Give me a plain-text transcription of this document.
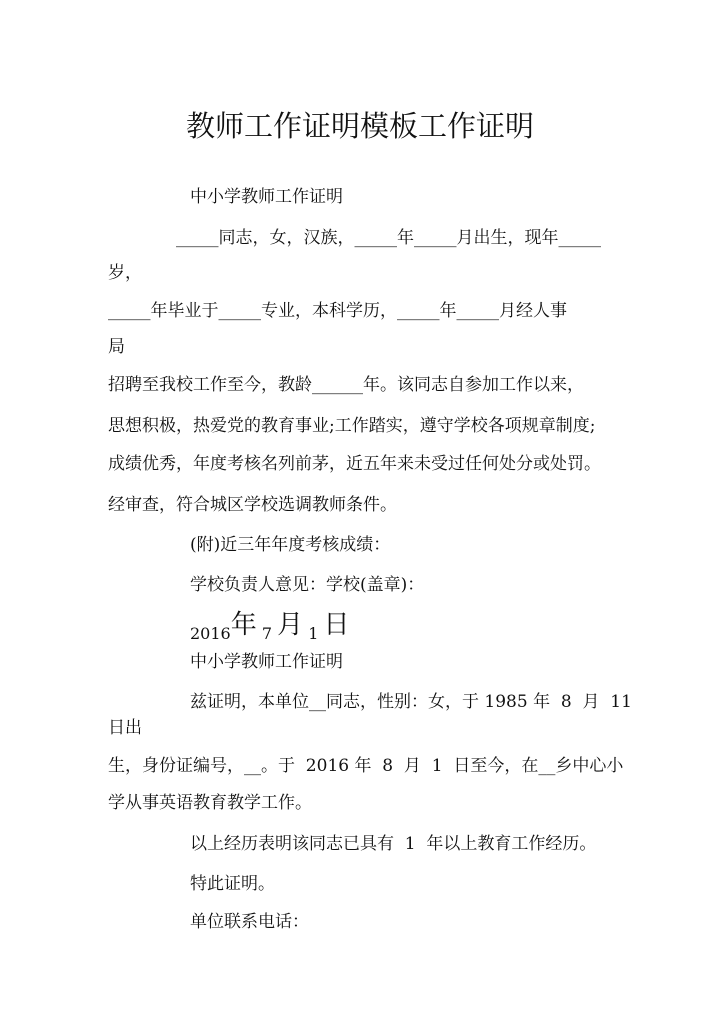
教师工作证明模板工作证明
中小学教师工作证明
_____同志，女，汉族，_____年_____月出生，现年_____
岁，
_____年毕业于_____专业，本科学历，_____年_____月经人事
局
招聘至我校工作至今，教龄______年。该同志自参加工作以来，
思想积极，热爱党的教育事业;工作踏实，遵守学校各项规章制度;
成绩优秀，年度考核名列前茅，近五年来未受过任何处分或处罚。
经审查，符合城区学校选调教师条件。
(附)近三年年度考核成绩：
学校负责人意见：学校(盖章)：
2016年 7 月 1 日
中小学教师工作证明
兹证明，本单位__同志，性别：女，于 1985 年  8  月  11
日出
生，身份证编号，__。于  2016 年  8  月  1  日至今，在__乡中心小
学从事英语教育教学工作。
以上经历表明该同志已具有  1  年以上教育工作经历。
特此证明。
单位联系电话：
